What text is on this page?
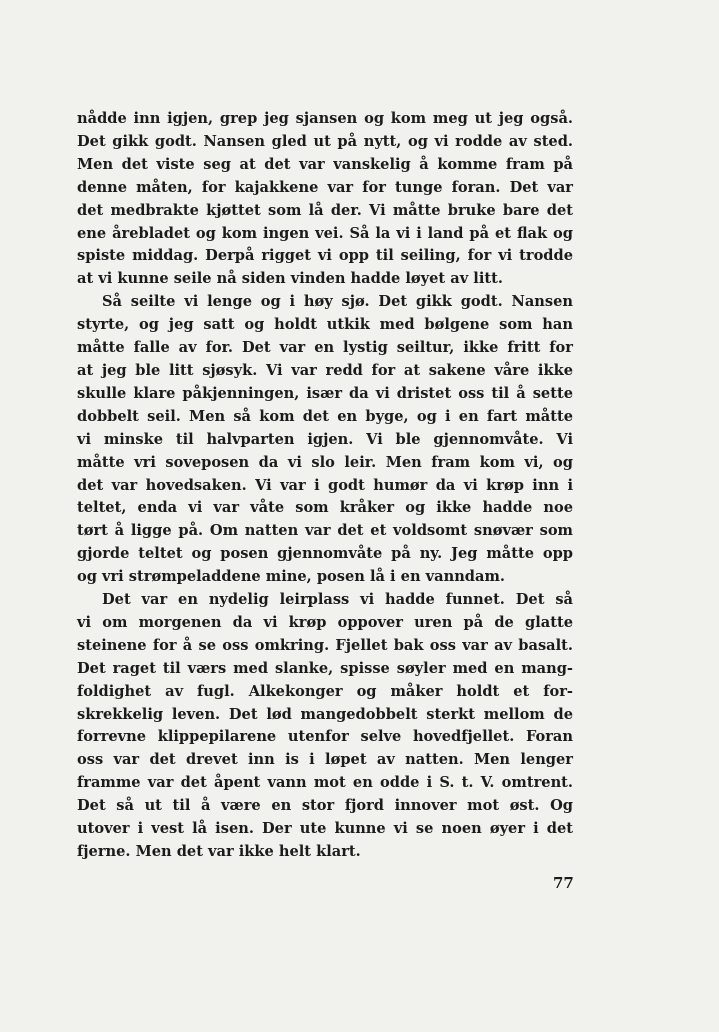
nådde inn igjen, grep jeg sjansen og kom meg ut jeg også.
Det gikk godt. Nansen gled ut på nytt, og vi rodde av sted.
Men det viste seg at det var vanskelig å komme fram på
denne måten, for kajakkene var for tunge foran. Det var
det medbrakte kjøttet som lå der. Vi måtte bruke bare det
ene årebladet og kom ingen vei. Så la vi i land på et flak og
spiste middag. Derpå rigget vi opp til seiling, for vi trodde
at vi kunne seile nå siden vinden hadde løyet av litt.
Så seilte vi lenge og i høy sjø. Det gikk godt. Nansen
styrte, og jeg satt og holdt utkik med bølgene som han
måtte falle av for. Det var en lystig seiltur, ikke fritt for
at jeg ble litt sjøsyk. Vi var redd for at sakene våre ikke
skulle klare påkjenningen, især da vi dristet oss til å sette
dobbelt seil. Men så kom det en byge, og i en fart måtte
vi minske til halvparten igjen. Vi ble gjennomvåte. Vi
måtte vri soveposen da vi slo leir. Men fram kom vi, og
det var hovedsaken. Vi var i godt humør da vi krøp inn i
teltet, enda vi var våte som kråker og ikke hadde noe
tørt å ligge på. Om natten var det et voldsomt snøvær som
gjorde teltet og posen gjennomvåte på ny. Jeg måtte opp
og vri strømpeladdene mine, posen lå i en vanndam.
Det var en nydelig leirplass vi hadde funnet. Det så
vi om morgenen da vi krøp oppover uren på de glatte
steinene for å se oss omkring. Fjellet bak oss var av basalt.
Det raget til værs med slanke, spisse søyler med en mang-
foldighet av fugl. Alkekonger og måker holdt et for-
skrekkelig leven. Det lød mangedobbelt sterkt mellom de
forrevne klippepilarene utenfor selve hovedfjellet. Foran
oss var det drevet inn is i løpet av natten. Men lenger
framme var det åpent vann mot en odde i S. t. V. omtrent.
Det så ut til å være en stor fjord innover mot øst. Og
utover i vest lå isen. Der ute kunne vi se noen øyer i det
fjerne. Men det var ikke helt klart.
77
